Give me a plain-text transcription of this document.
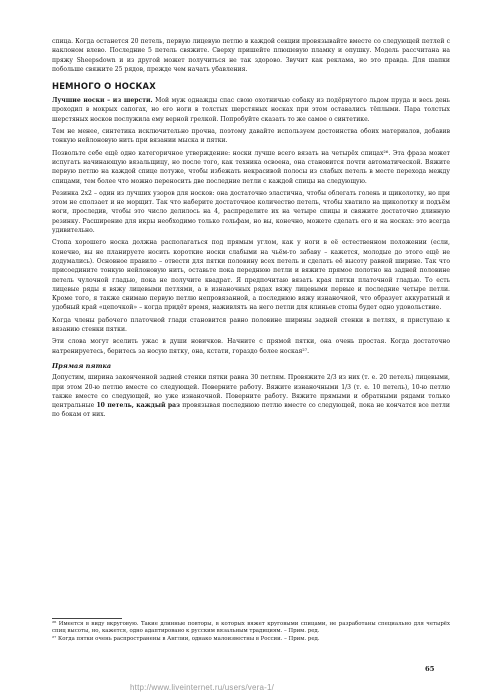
спица. Когда останется 20 петель, первую лицевую петлю в каждой секции провязывайте вместе со следующей петлей с наклоном влево. Последние 5 петель свяжите. Сверху пришейте плюшевую пламку и опушку. Модель рассчитана на пряжу Sheepsdown и из другой может получиться не так здорово. Звучит как реклама, но это правда. Для шапки побольше свяжите 25 рядов, прежде чем начать убавления.

НЕМНОГО О НОСКАХ

Лучшие носки – из шерсти. Мой муж однажды спас свою охотничью собаку из подёрнутого льдом пруда и весь день проходил в мокрых сапогах, но его ноги в толстых шерстяных носках при этом оставались тёплыми. Пара толстых шерстяных носков послужила ему верной грелкой. Попробуйте сказать то же самое о синтетике.

Тем не менее, синтетика исключительно прочна, поэтому давайте используем достоинства обоих материалов, добавив тонкую нейлоновую нить при вязании мыска и пятки.

Позвольте себе ещё одно категоричное утверждение: носки лучше всего вязать на четырёх спицах²⁶. Эта фраза может испугать начинающую вязальщицу, но после того, как техника освоена, она становится почти автоматической. Вяжите первую петлю на каждой спице потуже, чтобы избежать некрасивой полосы из слабых петель в месте перехода между спицами, тем более что можно переносить две последние петли с каждой спицы на следующую.

Резинка 2x2 – один из лучших узоров для носков: она достаточно эластична, чтобы облегать голень и щиколотку, но при этом не сползает и не морщит. Так что наберите достаточное количество петель, чтобы хватило на щиколотку и подъём ноги, проследив, чтобы это число делилось на 4, распределите их на четыре спицы и свяжите достаточно длинную резинку. Расширение для икры необходимо только гольфам, но вы, конечно, можете сделать его и на носках: это всегда удивительно.

Стопа хорошего носка должна располагаться под прямым углом, как у ноги в её естественном положении (если, конечно, вы не планируете носить короткие носки слабыми на чьём-то забаву – кажется, молодые до этого ещё не додумались). Основное правило – отвести для пятки половину всех петель и сделать её высоту равной ширине. Так что присоедините тонкую нейлоновую нить, оставьте пока переднюю петли и вяжите прямое полотно на задней половине петель чулочной гладью, пока не получите квадрат. Я предпочитаю вязать края пятки платочной гладью. То есть лицевые ряды я вяжу лицевыми петлями, а в изнаночных рядах вяжу лицевыми первые и последние четыре петли. Кроме того, я также снимаю первую петлю непровязанной, а последнюю вяжу изнаночной, что образует аккуратный и удобный край «цепочкой» – когда придёт время, наживлять на него петли для клиньев стопы будет одно удовольствие.

Когда члены рабочего платочной глади становится равно половине ширины задней стенки в петлях, я приступаю к вязанию стенки пятки.

Эти слова могут вселить ужас в души новичков. Начните с прямой пятки, она очень простая. Когда достаточно натренируетесь, беритесь за носую пятку, она, кстати, гораздо более ноская²⁷.

Прямая пятка

Допустим, ширина законченной задней стенки пятки равна 30 петлям. Провяжите 2/3 из них (т. е. 20 петель) лицевыми, при этом 20-ю петлю вместе со следующей. Поверните работу. Вяжите изнаночными 1/3 (т. е. 10 петель), 10-ю петлю также вместе со следующей, но уже изнаночной. Поверните работу. Вяжите прямыми и обратными рядами только центральные 10 петель, каждый раз провязывая последнюю петлю вместе со следующей, пока не кончатся все петли по бокам от них.

²⁶ Имеется в виду вкруговую. Такие длинные повторы, в которых вяжет круговыми спицами, не разработаны специально для четырёх спиц высоты, но, кажется, одно адаптировано к русским вязальным традициям. – Прим. ред.

²⁷ Когда пятки очень распространены в Англии, однако малоизвестны в России. – Прим. ред.

65
http://www.liveinternet.ru/users/vera-1/
